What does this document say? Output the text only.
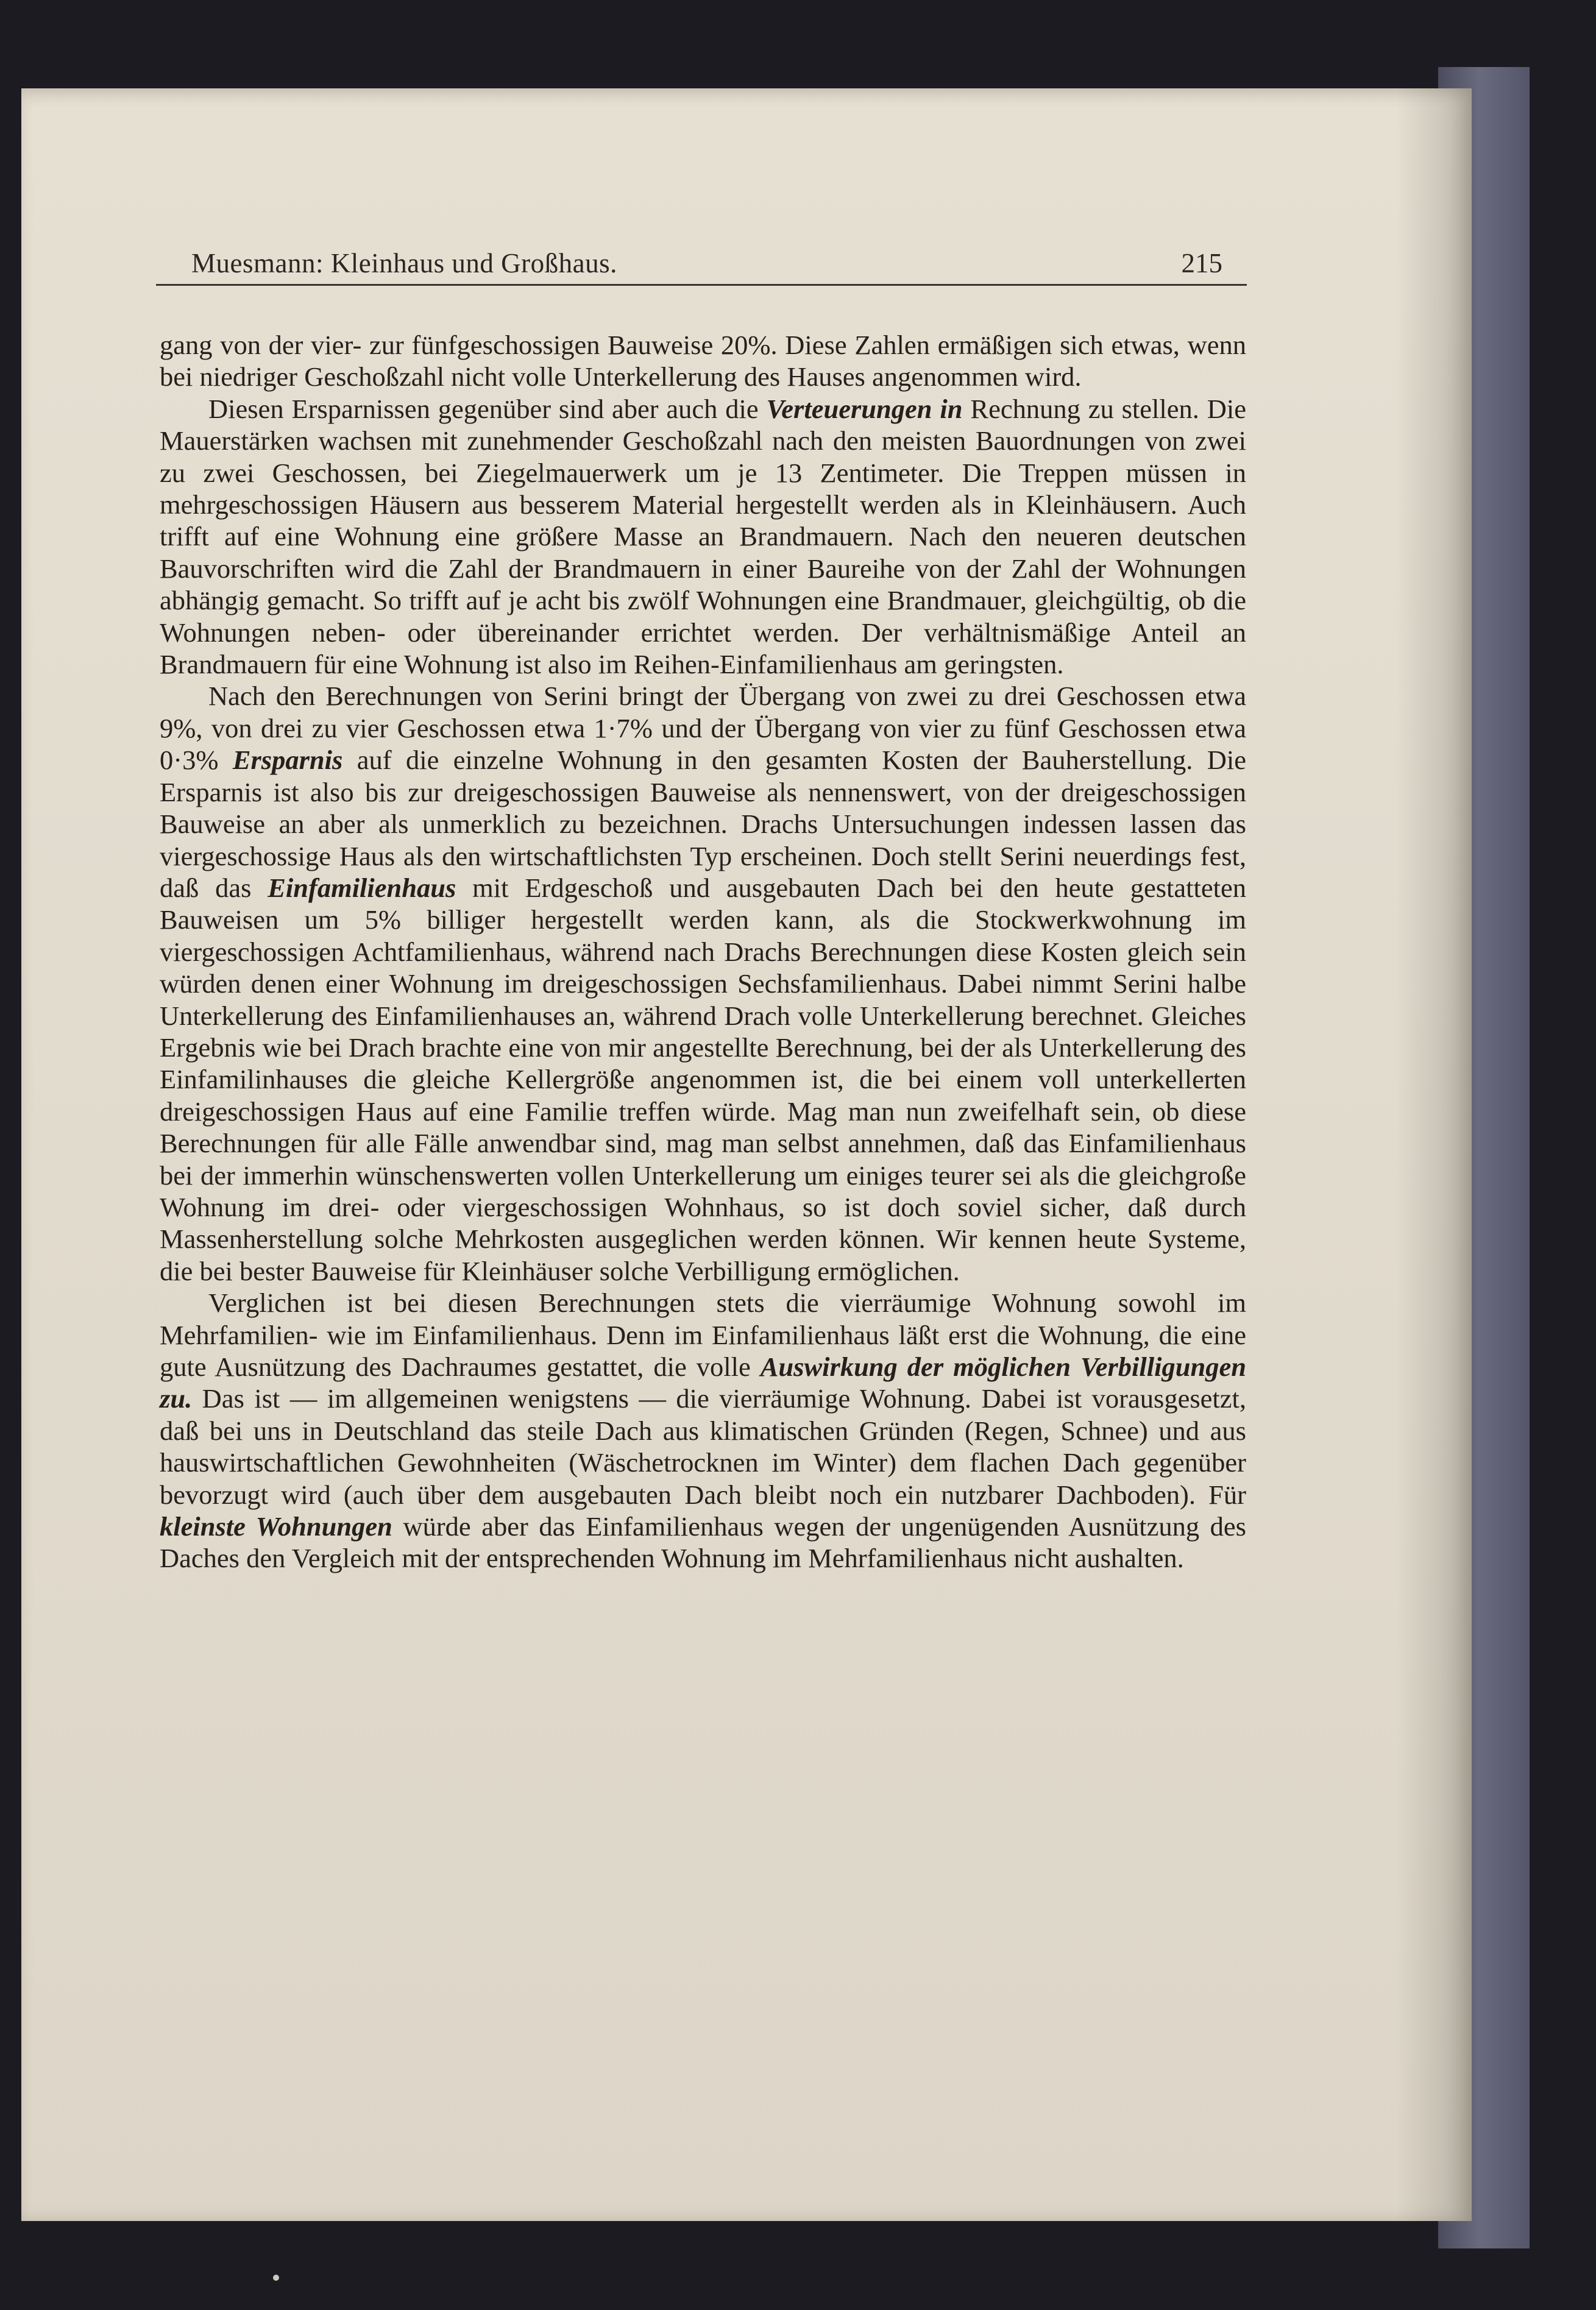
Muesmann: Kleinhaus und Großhaus.	215

gang von der vier- zur fünfgeschossigen Bauweise 20%. Diese Zahlen ermäßigen sich etwas, wenn bei niedriger Geschoßzahl nicht volle Unterkellerung des Hauses angenommen wird.

Diesen Ersparnissen gegenüber sind aber auch die Verteuerungen in Rechnung zu stellen. Die Mauerstärken wachsen mit zunehmender Geschoßzahl nach den meisten Bauordnungen von zwei zu zwei Geschossen, bei Ziegelmauerwerk um je 13 Zentimeter. Die Treppen müssen in mehrgeschossigen Häusern aus besserem Material hergestellt werden als in Kleinhäusern. Auch trifft auf eine Wohnung eine größere Masse an Brandmauern. Nach den neueren deutschen Bauvorschriften wird die Zahl der Brandmauern in einer Baureihe von der Zahl der Wohnungen abhängig gemacht. So trifft auf je acht bis zwölf Wohnungen eine Brandmauer, gleichgültig, ob die Wohnungen neben- oder übereinander errichtet werden. Der verhältnismäßige Anteil an Brandmauern für eine Wohnung ist also im Reihen-Einfamilienhaus am geringsten.

Nach den Berechnungen von Serini bringt der Übergang von zwei zu drei Geschossen etwa 9%, von drei zu vier Geschossen etwa 1·7% und der Übergang von vier zu fünf Geschossen etwa 0·3% Ersparnis auf die einzelne Wohnung in den gesamten Kosten der Bauherstellung. Die Ersparnis ist also bis zur dreigeschossigen Bauweise als nennenswert, von der dreigeschossigen Bauweise an aber als unmerklich zu bezeichnen. Drachs Untersuchungen indessen lassen das viergeschossige Haus als den wirtschaftlichsten Typ erscheinen. Doch stellt Serini neuerdings fest, daß das Einfamilienhaus mit Erdgeschoß und ausgebauten Dach bei den heute gestatteten Bauweisen um 5% billiger hergestellt werden kann, als die Stockwerkwohnung im viergeschossigen Achtfamilienhaus, während nach Drachs Berechnungen diese Kosten gleich sein würden denen einer Wohnung im dreigeschossigen Sechsfamilienhaus. Dabei nimmt Serini halbe Unterkellerung des Einfamilienhauses an, während Drach volle Unterkellerung berechnet. Gleiches Ergebnis wie bei Drach brachte eine von mir angestellte Berechnung, bei der als Unterkellerung des Einfamilinhauses die gleiche Kellergröße angenommen ist, die bei einem voll unterkellerten dreigeschossigen Haus auf eine Familie treffen würde. Mag man nun zweifelhaft sein, ob diese Berechnungen für alle Fälle anwendbar sind, mag man selbst annehmen, daß das Einfamilienhaus bei der immerhin wünschenswerten vollen Unterkellerung um einiges teurer sei als die gleichgroße Wohnung im drei- oder viergeschossigen Wohnhaus, so ist doch soviel sicher, daß durch Massenherstellung solche Mehrkosten ausgeglichen werden können. Wir kennen heute Systeme, die bei bester Bauweise für Kleinhäuser solche Verbilligung ermöglichen.

Verglichen ist bei diesen Berechnungen stets die vierräumige Wohnung sowohl im Mehrfamilien- wie im Einfamilienhaus. Denn im Einfamilienhaus läßt erst die Wohnung, die eine gute Ausnützung des Dachraumes gestattet, die volle Auswirkung der möglichen Verbilligungen zu. Das ist — im allgemeinen wenigstens — die vierräumige Wohnung. Dabei ist vorausgesetzt, daß bei uns in Deutschland das steile Dach aus klimatischen Gründen (Regen, Schnee) und aus hauswirtschaftlichen Gewohnheiten (Wäschetrocknen im Winter) dem flachen Dach gegenüber bevorzugt wird (auch über dem ausgebauten Dach bleibt noch ein nutzbarer Dachboden). Für kleinste Wohnungen würde aber das Einfamilienhaus wegen der ungenügenden Ausnützung des Daches den Vergleich mit der entsprechenden Wohnung im Mehrfamilienhaus nicht aushalten.
